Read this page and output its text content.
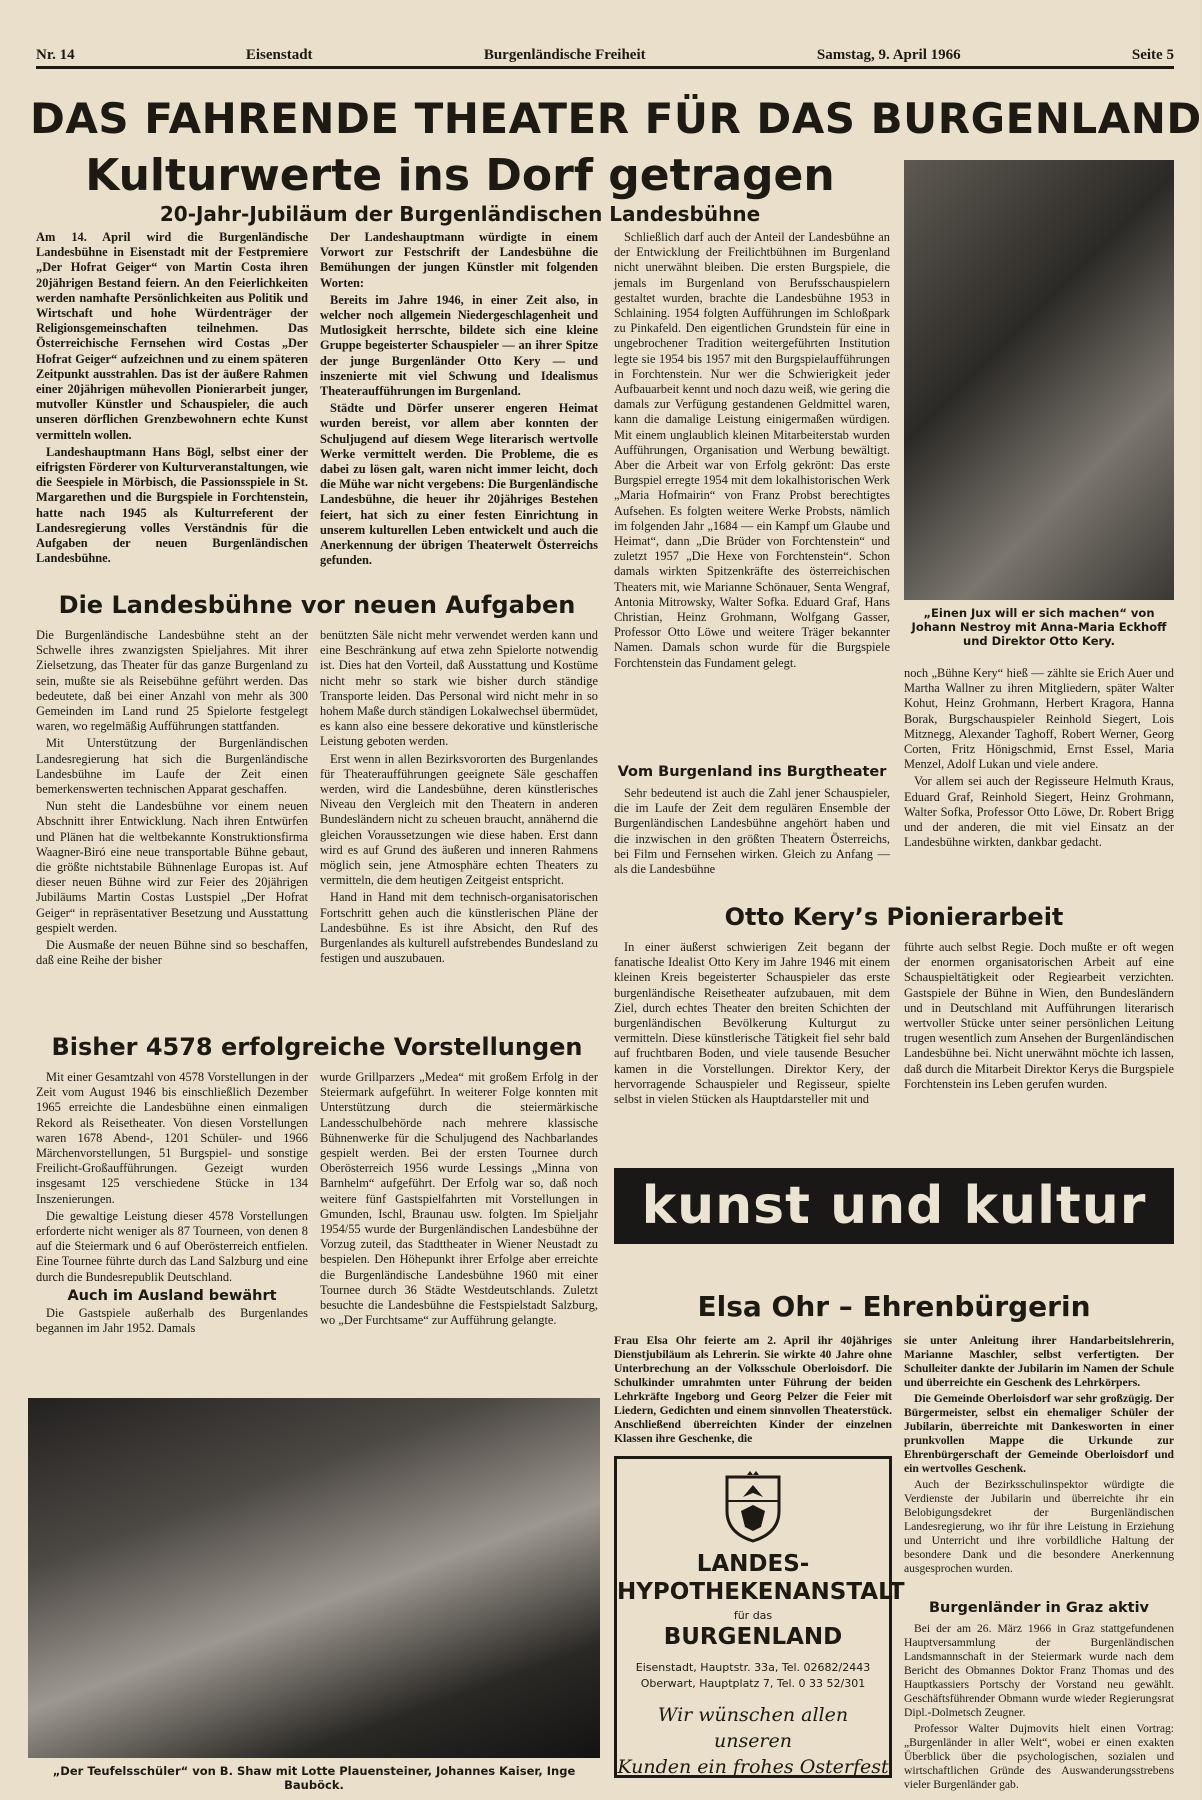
Nr. 14	Eisenstadt	Burgenländische Freiheit	Samstag, 9. April 1966	Seite 5
DAS FAHRENDE THEATER FÜR DAS BURGENLAND
Kulturwerte ins Dorf getragen
20-Jahr-Jubiläum der Burgenländischen Landesbühne

Am 14. April wird die Burgenländische Landesbühne in Eisenstadt mit der Festpremiere „Der Hofrat Geiger“ von Martin Costa ihren 20jährigen Bestand feiern. An den Feierlichkeiten werden namhafte Persönlichkeiten aus Politik und Wirtschaft und hohe Würdenträger der Religionsgemeinschaften teilnehmen. Das Österreichische Fernsehen wird Costas „Der Hofrat Geiger“ aufzeichnen und zu einem späteren Zeitpunkt ausstrahlen. Das ist der äußere Rahmen einer 20jährigen mühevollen Pionierarbeit junger, mutvoller Künstler und Schauspieler, die auch unseren dörflichen Grenzbewohnern echte Kunst vermitteln wollen.

Landeshauptmann Hans Bögl, selbst einer der eifrigsten Förderer von Kulturveranstaltungen, wie die Seespiele in Mörbisch, die Passionsspiele in St. Margarethen und die Burgspiele in Forchtenstein, hatte nach 1945 als Kulturreferent der Landesregierung volles Verständnis für die Aufgaben der neuen Burgenländischen Landesbühne.

Der Landeshauptmann würdigte in einem Vorwort zur Festschrift der Landesbühne die Bemühungen der jungen Künstler mit folgenden Worten:

Bereits im Jahre 1946, in einer Zeit also, in welcher noch allgemein Niedergeschlagenheit und Mutlosigkeit herrschte, bildete sich eine kleine Gruppe begeisterter Schauspieler — an ihrer Spitze der junge Burgenländer Otto Kery — und inszenierte mit viel Schwung und Idealismus Theateraufführungen im Burgenland.

Städte und Dörfer unserer engeren Heimat wurden bereist, vor allem aber konnten der Schuljugend auf diesem Wege literarisch wertvolle Werke vermittelt werden. Die Probleme, die es dabei zu lösen galt, waren nicht immer leicht, doch die Mühe war nicht vergebens: Die Burgenländische Landesbühne, die heuer ihr 20jähriges Bestehen feiert, hat sich zu einer festen Einrichtung in unserem kulturellen Leben entwickelt und auch die Anerkennung der übrigen Theaterwelt Österreichs gefunden.

Schließlich darf auch der Anteil der Landesbühne an der Entwicklung der Freilichtbühnen im Burgenland nicht unerwähnt bleiben. Die ersten Burgspiele, die jemals im Burgenland von Berufsschauspielern gestaltet wurden, brachte die Landesbühne 1953 in Schlaining. 1954 folgten Aufführungen im Schloßpark zu Pinkafeld. Den eigentlichen Grundstein für eine in ungebrochener Tradition weitergeführten Institution legte sie 1954 bis 1957 mit den Burgspielaufführungen in Forchtenstein. Nur wer die Schwierigkeit jeder Aufbauarbeit kennt und noch dazu weiß, wie gering die damals zur Verfügung gestandenen Geldmittel waren, kann die damalige Leistung einigermaßen würdigen. Mit einem unglaublich kleinen Mitarbeiterstab wurden Aufführungen, Organisation und Werbung bewältigt. Aber die Arbeit war von Erfolg gekrönt: Das erste Burgspiel erregte 1954 mit dem lokalhistorischen Werk „Maria Hofmairin“ von Franz Probst berechtigtes Aufsehen. Es folgten weitere Werke Probsts, nämlich im folgenden Jahr „1684 — ein Kampf um Glaube und Heimat“, dann „Die Brüder von Forchtenstein“ und zuletzt 1957 „Die Hexe von Forchtenstein“. Schon damals wirkten Spitzenkräfte des österreichischen Theaters mit, wie Marianne Schönauer, Senta Wengraf, Antonia Mitrowsky, Walter Sofka. Eduard Graf, Hans Christian, Heinz Grohmann, Wolfgang Gasser, Professor Otto Löwe und weitere Träger bekannter Namen. Damals schon wurde für die Burgspiele Forchtenstein das Fundament gelegt.

„Einen Jux will er sich machen“ von Johann Nestroy mit Anna-Maria Eckhoff und Direktor Otto Kery.

noch „Bühne Kery“ hieß — zählte sie Erich Auer und Martha Wallner zu ihren Mitgliedern, später Walter Kohut, Heinz Grohmann, Herbert Kragora, Hanna Borak, Burgschauspieler Reinhold Siegert, Lois Mitznegg, Alexander Taghoff, Robert Werner, Georg Corten, Fritz Hönigschmid, Ernst Essel, Maria Menzel, Adolf Lukan und viele andere.

Vor allem sei auch der Regisseure Helmuth Kraus, Eduard Graf, Reinhold Siegert, Heinz Grohmann, Walter Sofka, Professor Otto Löwe, Dr. Robert Brigg und der anderen, die mit viel Einsatz an der Landesbühne wirkten, dankbar gedacht.

Die Landesbühne vor neuen Aufgaben

Die Burgenländische Landesbühne steht an der Schwelle ihres zwanzigsten Spieljahres. Mit ihrer Zielsetzung, das Theater für das ganze Burgenland zu sein, mußte sie als Reisebühne geführt werden. Das bedeutete, daß bei einer Anzahl von mehr als 300 Gemeinden im Land rund 25 Spielorte festgelegt waren, wo regelmäßig Aufführungen stattfanden.

Mit Unterstützung der Burgenländischen Landesregierung hat sich die Burgenländische Landesbühne im Laufe der Zeit einen bemerkenswerten technischen Apparat geschaffen.

Nun steht die Landesbühne vor einem neuen Abschnitt ihrer Entwicklung. Nach ihren Entwürfen und Plänen hat die weltbekannte Konstruktionsfirma Waagner-Biró eine neue transportable Bühne gebaut, die größte nichtstabile Bühnenlage Europas ist. Auf dieser neuen Bühne wird zur Feier des 20jährigen Jubiläums Martin Costas Lustspiel „Der Hofrat Geiger“ in repräsentativer Besetzung und Ausstattung gespielt werden.

Die Ausmaße der neuen Bühne sind so beschaffen, daß eine Reihe der bisher

benützten Säle nicht mehr verwendet werden kann und eine Beschränkung auf etwa zehn Spielorte notwendig ist. Dies hat den Vorteil, daß Ausstattung und Kostüme nicht mehr so stark wie bisher durch ständige Transporte leiden. Das Personal wird nicht mehr in so hohem Maße durch ständigen Lokalwechsel übermüdet, es kann also eine bessere dekorative und künstlerische Leistung geboten werden.

Erst wenn in allen Bezirksvororten des Burgenlandes für Theateraufführungen geeignete Säle geschaffen werden, wird die Landesbühne, deren künstlerisches Niveau den Vergleich mit den Theatern in anderen Bundesländern nicht zu scheuen braucht, annähernd die gleichen Voraussetzungen wie diese haben. Erst dann wird es auf Grund des äußeren und inneren Rahmens möglich sein, jene Atmosphäre echten Theaters zu vermitteln, die dem heutigen Zeitgeist entspricht.

Hand in Hand mit dem technisch-organisatorischen Fortschritt gehen auch die künstlerischen Pläne der Landesbühne. Es ist ihre Absicht, den Ruf des Burgenlandes als kulturell aufstrebendes Bundesland zu festigen und auszubauen.

Vom Burgenland ins Burgtheater

Sehr bedeutend ist auch die Zahl jener Schauspieler, die im Laufe der Zeit dem regulären Ensemble der Burgenländischen Landesbühne angehört haben und die inzwischen in den größten Theatern Österreichs, bei Film und Fernsehen wirken. Gleich zu Anfang — als die Landesbühne

Otto Kery’s Pionierarbeit

In einer äußerst schwierigen Zeit begann der fanatische Idealist Otto Kery im Jahre 1946 mit einem kleinen Kreis begeisterter Schauspieler das erste burgenländische Reisetheater aufzubauen, mit dem Ziel, durch echtes Theater den breiten Schichten der burgenländischen Bevölkerung Kulturgut zu vermitteln. Diese künstlerische Tätigkeit fiel sehr bald auf fruchtbaren Boden, und viele tausende Besucher kamen in die Vorstellungen. Direktor Kery, der hervorragende Schauspieler und Regisseur, spielte selbst in vielen Stücken als Hauptdarsteller mit und

führte auch selbst Regie. Doch mußte er oft wegen der enormen organisatorischen Arbeit auf eine Schauspieltätigkeit oder Regiearbeit verzichten. Gastspiele der Bühne in Wien, den Bundesländern und in Deutschland mit Aufführungen literarisch wertvoller Stücke unter seiner persönlichen Leitung trugen wesentlich zum Ansehen der Burgenländischen Landesbühne bei. Nicht unerwähnt möchte ich lassen, daß durch die Mitarbeit Direktor Kerys die Burgspiele Forchtenstein ins Leben gerufen wurden.

Bisher 4578 erfolgreiche Vorstellungen

Mit einer Gesamtzahl von 4578 Vorstellungen in der Zeit vom August 1946 bis einschließlich Dezember 1965 erreichte die Landesbühne einen einmaligen Rekord als Reisetheater. Von diesen Vorstellungen waren 1678 Abend-, 1201 Schüler- und 1966 Märchenvorstellungen, 51 Burgspiel- und sonstige Freilicht-Großaufführungen. Gezeigt wurden insgesamt 125 verschiedene Stücke in 134 Inszenierungen.

Die gewaltige Leistung dieser 4578 Vorstellungen erforderte nicht weniger als 87 Tourneen, von denen 8 auf die Steiermark und 6 auf Oberösterreich entfielen. Eine Tournee führte durch das Land Salzburg und eine durch die Bundesrepublik Deutschland.

Auch im Ausland bewährt

Die Gastspiele außerhalb des Burgenlandes begannen im Jahr 1952. Damals

wurde Grillparzers „Medea“ mit großem Erfolg in der Steiermark aufgeführt. In weiterer Folge konnten mit Unterstützung durch die steiermärkische Landesschulbehörde nach mehrere klassische Bühnenwerke für die Schuljugend des Nachbarlandes gespielt werden. Bei der ersten Tournee durch Oberösterreich 1956 wurde Lessings „Minna von Barnhelm“ aufgeführt. Der Erfolg war so, daß noch weitere fünf Gastspielfahrten mit Vorstellungen in Gmunden, Ischl, Braunau usw. folgten. Im Spieljahr 1954/55 wurde der Burgenländischen Landesbühne der Vorzug zuteil, das Stadttheater in Wiener Neustadt zu bespielen. Den Höhepunkt ihrer Erfolge aber erreichte die Burgenländische Landesbühne 1960 mit einer Tournee durch 36 Städte Westdeutschlands. Zuletzt besuchte die Landesbühne die Festspielstadt Salzburg, wo „Der Furchtsame“ zur Aufführung gelangte.

„Der Teufelsschüler“ von B. Shaw mit Lotte Plauensteiner, Johannes Kaiser, Inge Bauböck.
kunst und kultur
Elsa Ohr – Ehrenbürgerin

Frau Elsa Ohr feierte am 2. April ihr 40jähriges Dienstjubiläum als Lehrerin. Sie wirkte 40 Jahre ohne Unterbrechung an der Volksschule Oberloisdorf. Die Schulkinder umrahmten unter Führung der beiden Lehrkräfte Ingeborg und Georg Pelzer die Feier mit Liedern, Gedichten und einem sinnvollen Theaterstück. Anschließend überreichten Kinder der einzelnen Klassen ihre Geschenke, die

sie unter Anleitung ihrer Handarbeitslehrerin, Marianne Maschler, selbst verfertigten. Der Schulleiter dankte der Jubilarin im Namen der Schule und überreichte ein Geschenk des Lehrkörpers.

Die Gemeinde Oberloisdorf war sehr großzügig. Der Bürgermeister, selbst ein ehemaliger Schüler der Jubilarin, überreichte mit Dankesworten in einer prunkvollen Mappe die Urkunde zur Ehrenbürgerschaft der Gemeinde Oberloisdorf und ein wertvolles Geschenk.

Auch der Bezirksschulinspektor würdigte die Verdienste der Jubilarin und überreichte ihr ein Belobigungsdekret der Burgenländischen Landesregierung, wo ihr für ihre Leistung in Erziehung und Unterricht und ihre vorbildliche Haltung der besondere Dank und die besondere Anerkennung ausgesprochen wurden.

Burgenländer in Graz aktiv

Bei der am 26. März 1966 in Graz stattgefundenen Hauptversammlung der Burgenländischen Landsmannschaft in der Steiermark wurde nach dem Bericht des Obmannes Doktor Franz Thomas und des Hauptkassiers Portschy der Vorstand neu gewählt. Geschäftsführender Obmann wurde wieder Regierungsrat Dipl.-Dolmetsch Zeugner.

Professor Walter Dujmovits hielt einen Vortrag: „Burgenländer in aller Welt“, wobei er einen exakten Überblick über die psychologischen, sozialen und wirtschaftlichen Gründe des Auswanderungsstrebens vieler Burgenländer gab.

LANDES-
HYPOTHEKENANSTALT
für das
BURGENLAND
Eisenstadt, Hauptstr. 33a, Tel. 02682/2443
Oberwart, Hauptplatz 7, Tel. 0 33 52/301
Wir wünschen allen unseren
Kunden ein frohes Osterfest
